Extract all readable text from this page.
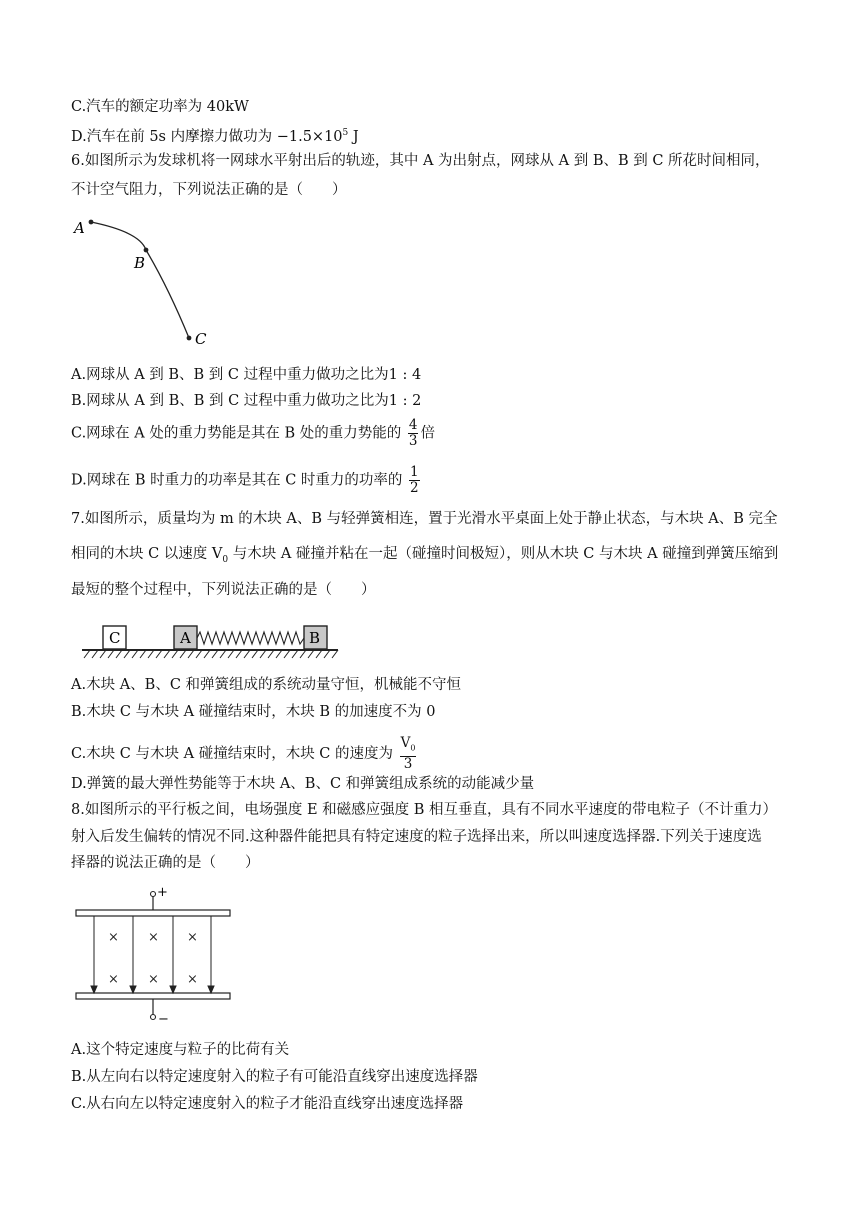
C.汽车的额定功率为 40kW
D.汽车在前 5s 内摩擦力做功为 $-1.5\times 10^5$ J
6.如图所示为发球机将一网球水平射出后的轨迹，其中 A 为出射点，网球从 A 到 B、B 到 C 所花时间相同，
不计空气阻力，下列说法正确的是（　　）
A
B
C
A.网球从 A 到 B、B 到 C 过程中重力做功之比为1 : 4
B.网球从 A 到 B、B 到 C 过程中重力做功之比为1 : 2
C.网球在 A 处的重力势能是其在 B 处的重力势能的 $\frac{4}{3}$ 倍
D.网球在 B 时重力的功率是其在 C 时重力的功率的 $\frac{1}{2}$
7.如图所示，质量均为 m 的木块 A、B 与轻弹簧相连，置于光滑水平桌面上处于静止状态，与木块 A、B 完全
相同的木块 C 以速度 $V_0$ 与木块 A 碰撞并粘在一起（碰撞时间极短），则从木块 C 与木块 A 碰撞到弹簧压缩到
最短的整个过程中，下列说法正确的是（　　）
C	A	B
A.木块 A、B、C 和弹簧组成的系统动量守恒，机械能不守恒
B.木块 C 与木块 A 碰撞结束时，木块 B 的加速度不为 0
C.木块 C 与木块 A 碰撞结束时，木块 C 的速度为 $\frac{V_0}{3}$
D.弹簧的最大弹性势能等于木块 A、B、C 和弹簧组成系统的动能减少量
8.如图所示的平行板之间，电场强度 E 和磁感应强度 B 相互垂直，具有不同水平速度的带电粒子（不计重力）
射入后发生偏转的情况不同.这种器件能把具有特定速度的粒子选择出来，所以叫速度选择器.下列关于速度选
择器的说法正确的是（　　）
+
−
× × ×
× × ×
A.这个特定速度与粒子的比荷有关
B.从左向右以特定速度射入的粒子有可能沿直线穿出速度选择器
C.从右向左以特定速度射入的粒子才能沿直线穿出速度选择器
